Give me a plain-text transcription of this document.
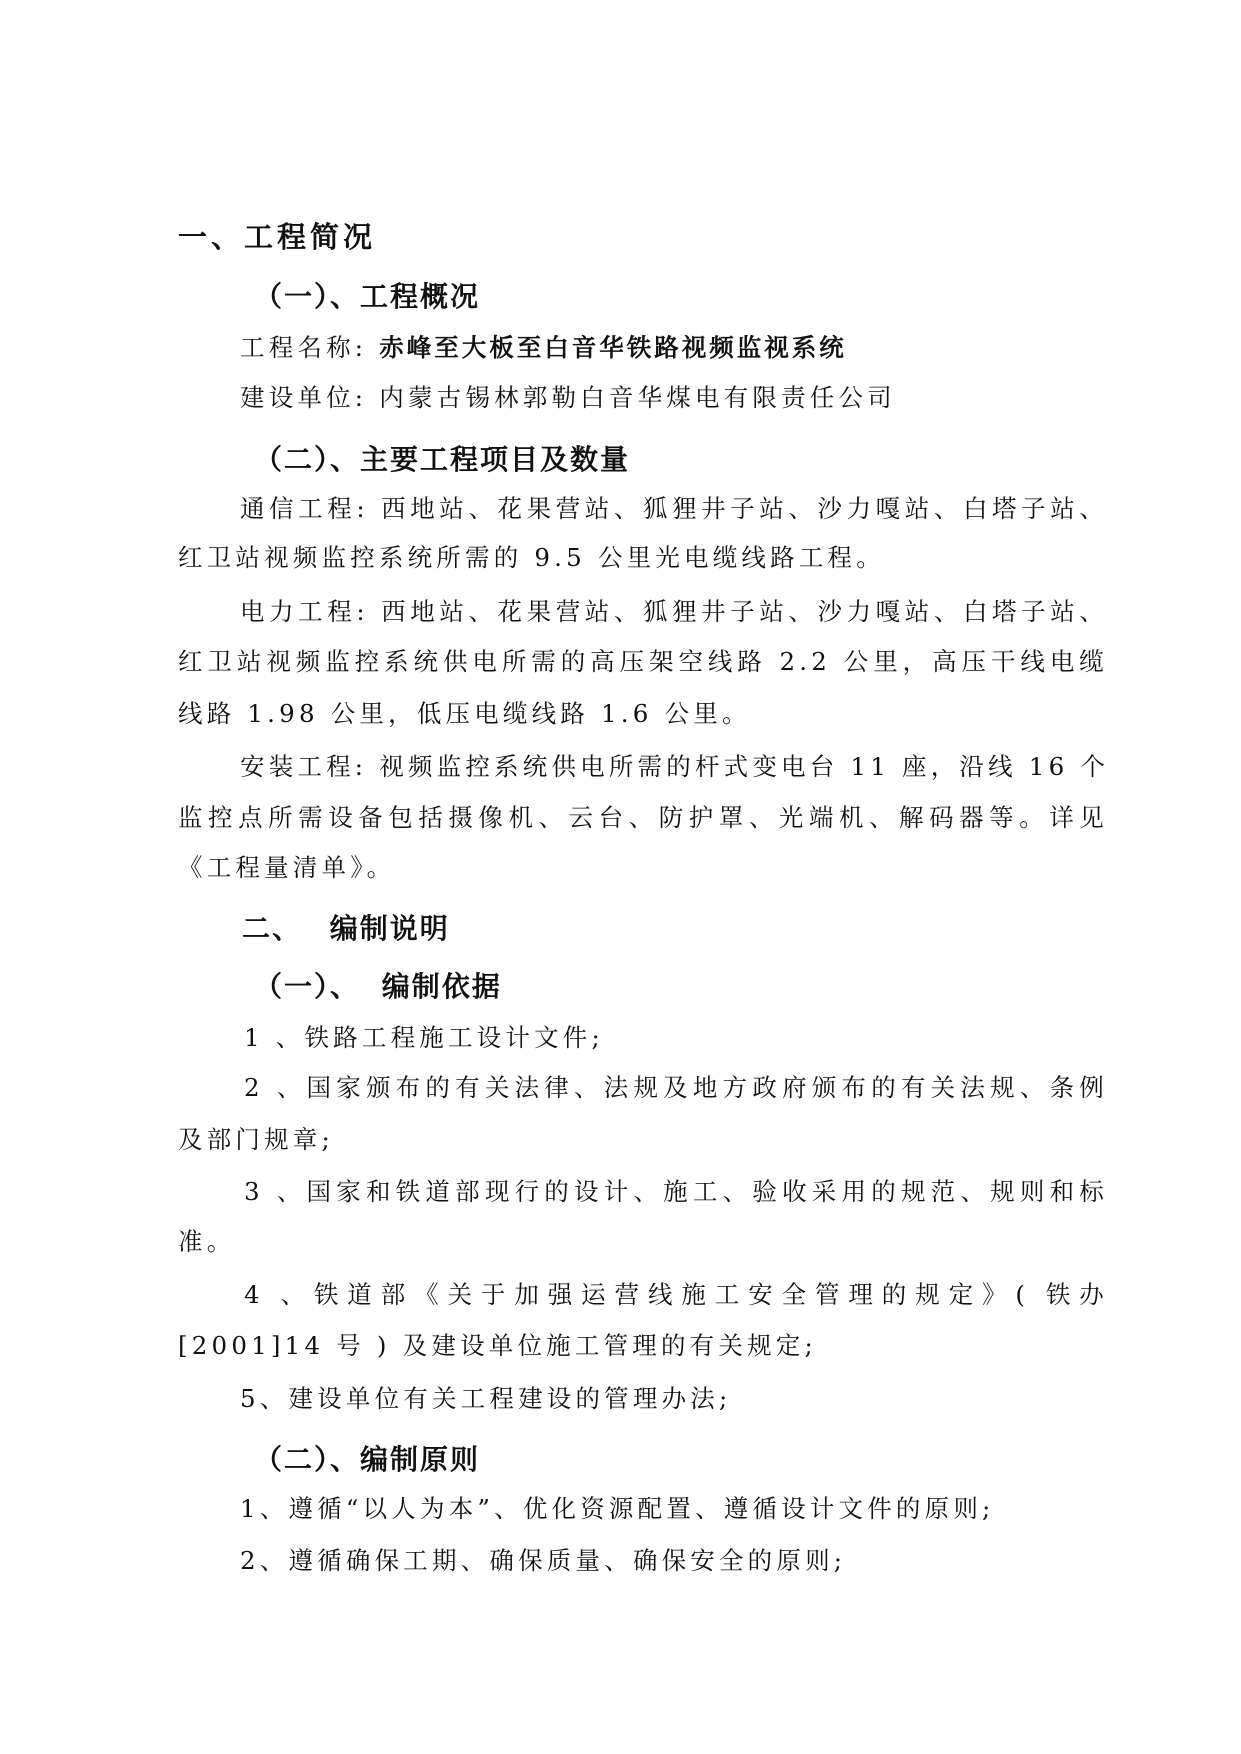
一、工程简况
（一）、工程概况
工程名称: 赤峰至大板至白音华铁路视频监视系统
建设单位: 内蒙古锡林郭勒白音华煤电有限责任公司
（二）、主要工程项目及数量
通信工程: 西地站、花果营站、狐狸井子站、沙力嘎站、白塔子站、
红卫站视频监控系统所需的 9.5 公里光电缆线路工程。
电力工程: 西地站、花果营站、狐狸井子站、沙力嘎站、白塔子站、
红卫站视频监控系统供电所需的高压架空线路 2.2 公里，高压干线电缆
线路 1.98 公里，低压电缆线路 1.6 公里。
安装工程: 视频监控系统供电所需的杆式变电台 11 座，沿线 16 个
监控点所需设备包括摄像机、云台、防护罩、光端机、解码器等。详见
《工程量清单》。
二、 编制说明
（一）、 编制依据
1 、铁路工程施工设计文件;
2 、国家颁布的有关法律、法规及地方政府颁布的有关法规、条例
及部门规章;
3 、国家和铁道部现行的设计、施工、验收采用的规范、规则和标
准。
4 、铁道部《关于加强运营线施工安全管理的规定》( 铁办
[2001]14 号 ) 及建设单位施工管理的有关规定;
5、建设单位有关工程建设的管理办法;
（二）、编制原则
1、遵循“以人为本”、优化资源配置、遵循设计文件的原则;
2、遵循确保工期、确保质量、确保安全的原则;
